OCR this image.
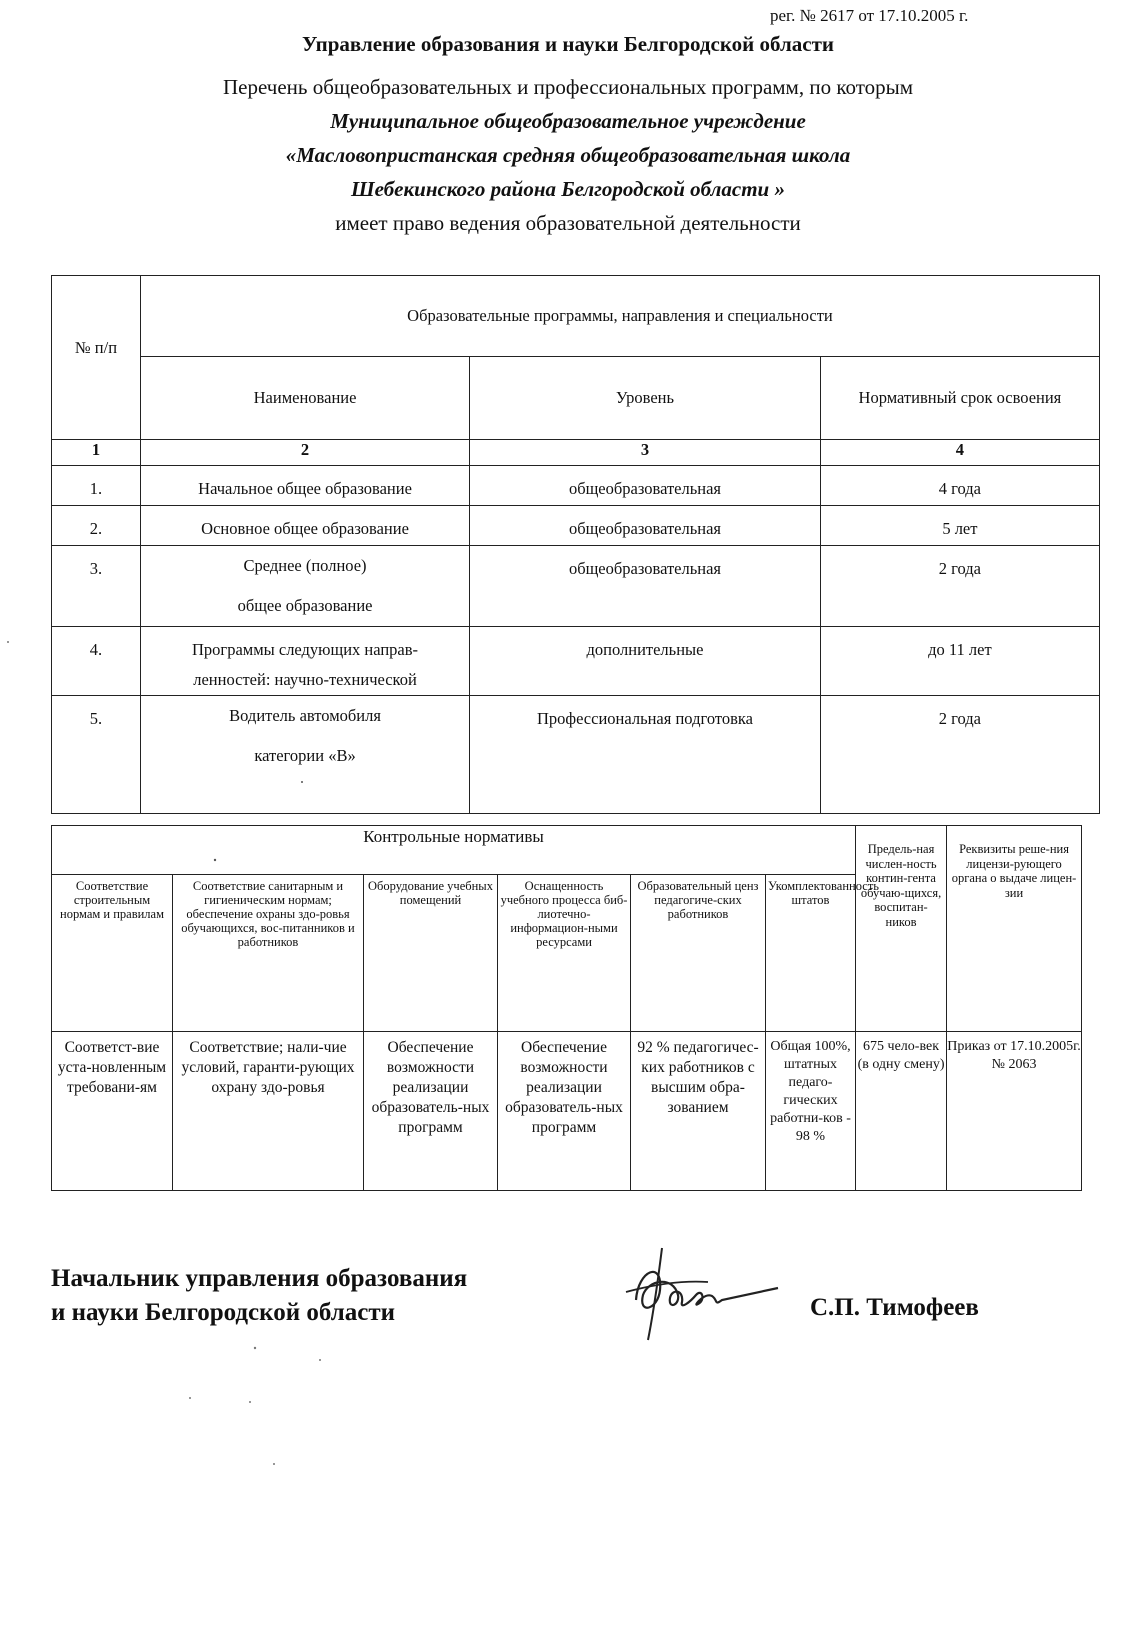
рег. № 2617 от 17.10.2005 г.
Управление образования и науки Белгородской области
Перечень общеобразовательных и профессиональных программ, по которым
Муниципальное общеобразовательное учреждение
«Масловопристанская средняя общеобразовательная школа
Шебекинского района Белгородской области »
имеет право ведения образовательной деятельности
№ п/п	Образовательные программы, направления и специальности		
	Наименование	Уровень	Нормативный срок освоения
1	2	3	4
1.	Начальное общее образование	общеобразовательная	4 года
2.	Основное общее образование	общеобразовательная	5 лет
3.	Среднее (полное)
общее образование	общеобразовательная	2 года
4.	Программы следующих направ-
ленностей: научно-технической	дополнительные	до 11 лет
5.	Водитель автомобиля
категории «В»	Профессиональная подготовка	2 года
Контрольные нормативы						Предель-ная числен-ность контин-гента обучаю-щихся, воспитан-ников	Реквизиты реше-ния лицензи-рующего органа о выдаче лицен-зии
Соответствие строительным нормам и правилам	Соответствие санитарным и гигиеническим нормам; обеспечение охраны здо-ровья обучающихся, вос-питанников и работников	Оборудование учебных помещений	Оснащенность учебного процесса биб-лиотечно-информацион-ными ресурсами	Образовательный ценз педагогиче-ских работников	Укомплектованность штатов		
Соответст-вие уста-новленным требовани-ям	Соответствие; нали-чие условий, гаранти-рующих охрану здо-ровья	Обеспечение возможности реализации образователь-ных программ	Обеспечение возможности реализации образователь-ных программ	92 % педагогичес-ких работников с высшим обра-зованием	Общая 100%, штатных педаго-гических работни-ков - 98 %	675 чело-век (в одну смену)	Приказ от 17.10.2005г. № 2063
Начальник управления образования
и науки Белгородской области	С.П. Тимофеев
